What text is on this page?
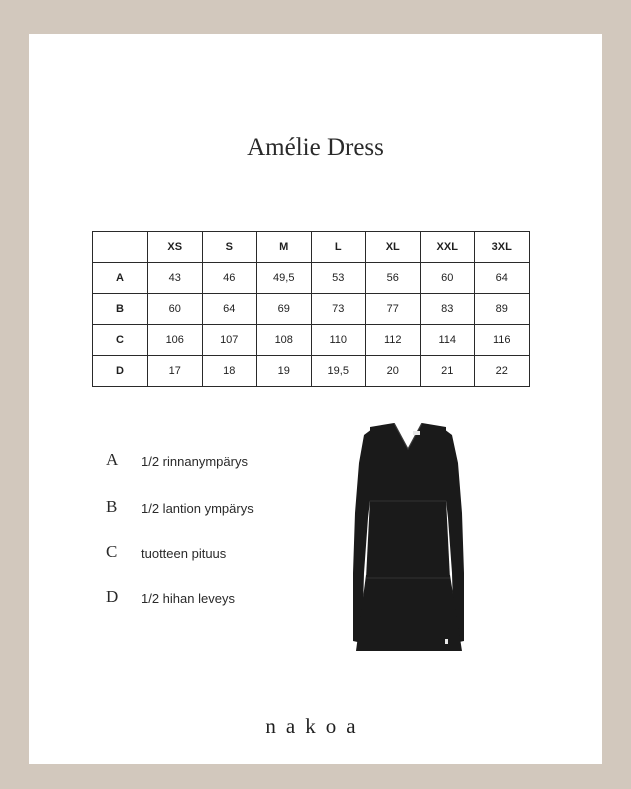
Amélie Dress
	XS	S	M	L	XL	XXL	3XL
A	43	46	49,5	53	56	60	64
B	60	64	69	73	77	83	89
C	106	107	108	110	112	114	116
D	17	18	19	19,5	20	21	22
A 1/2 rinnanympärys
B 1/2 lantion ympärys
C tuotteen pituus
D 1/2 hihan leveys
nakoa
